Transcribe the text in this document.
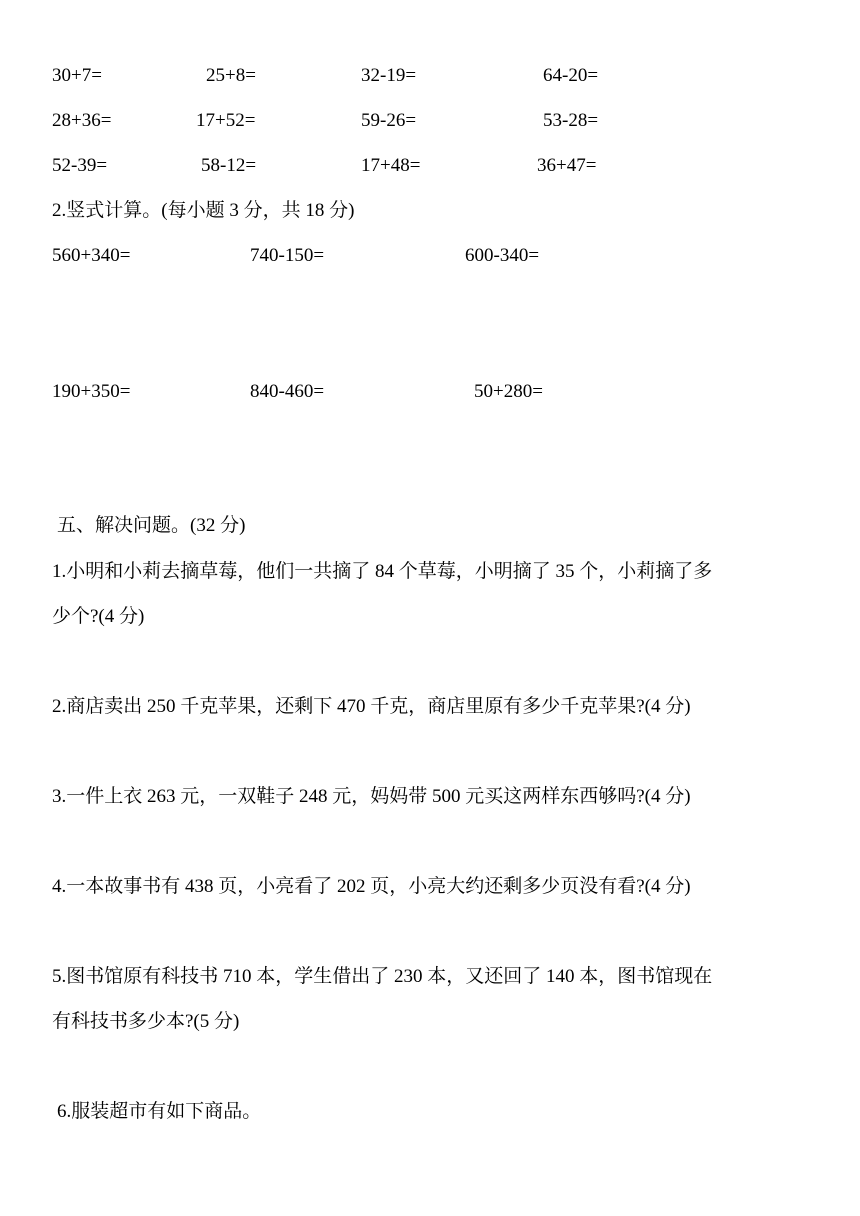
30+7=	25+8=	32-19=	64-20=
28+36=	17+52=	59-26=	53-28=
52-39=	58-12=	17+48=	36+47=
2.竖式计算。(每小题 3 分，共 18 分)
560+340=	740-150=	600-340=
190+350=	840-460=	50+280=
五、解决问题。(32 分)
1.小明和小莉去摘草莓，他们一共摘了 84 个草莓，小明摘了 35 个，小莉摘了多
少个?(4 分)
2.商店卖出 250 千克苹果，还剩下 470 千克，商店里原有多少千克苹果?(4 分)
3.一件上衣 263 元，一双鞋子 248 元，妈妈带 500 元买这两样东西够吗?(4 分)
4.一本故事书有 438 页，小亮看了 202 页，小亮大约还剩多少页没有看?(4 分)
5.图书馆原有科技书 710 本，学生借出了 230 本，又还回了 140 本，图书馆现在
有科技书多少本?(5 分)
6.服装超市有如下商品。
